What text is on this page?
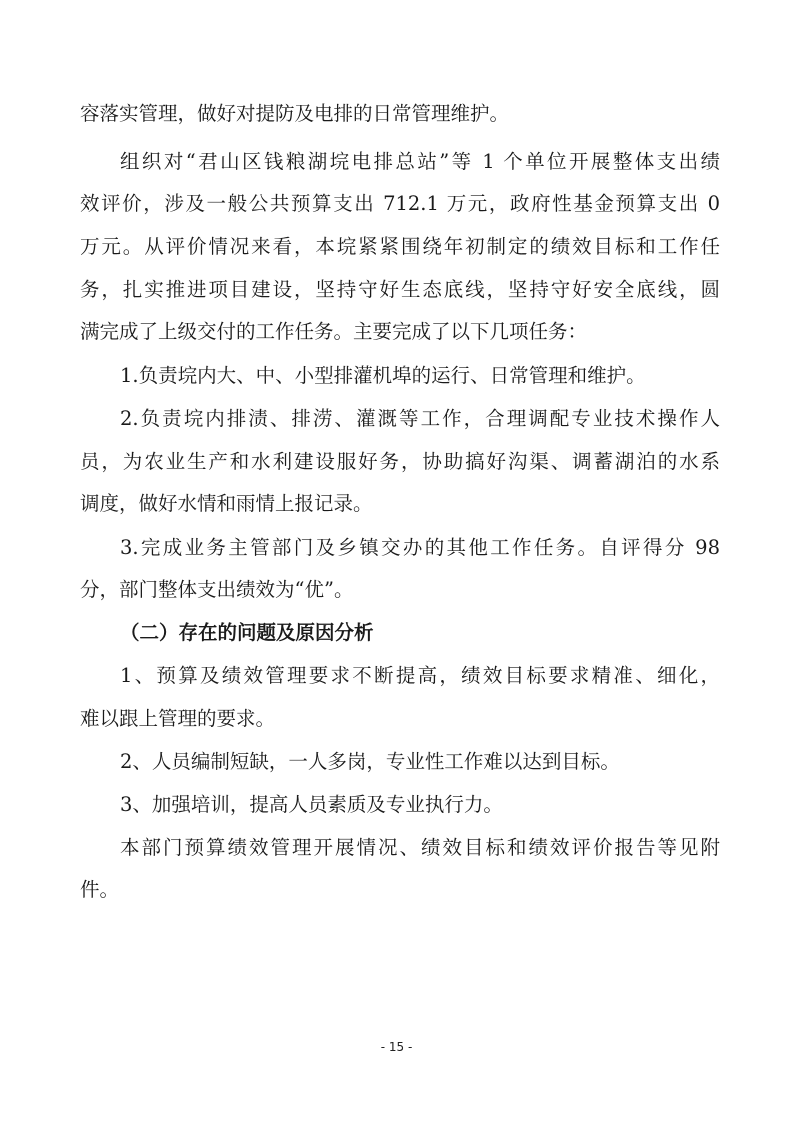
容落实管理，做好对提防及电排的日常管理维护。
组织对“君山区钱粮湖垸电排总站”等 1 个单位开展整体支出绩
效评价，涉及一般公共预算支出 712.1 万元，政府性基金预算支出 0
万元。从评价情况来看，本垸紧紧围绕年初制定的绩效目标和工作任
务，扎实推进项目建设，坚持守好生态底线，坚持守好安全底线，圆
满完成了上级交付的工作任务。主要完成了以下几项任务：
1.负责垸内大、中、小型排灌机埠的运行、日常管理和维护。
2.负责垸内排渍、排涝、灌溉等工作，合理调配专业技术操作人
员，为农业生产和水利建设服好务，协助搞好沟渠、调蓄湖泊的水系
调度，做好水情和雨情上报记录。
3.完成业务主管部门及乡镇交办的其他工作任务。自评得分 98
分，部门整体支出绩效为“优”。
（二）存在的问题及原因分析
1、预算及绩效管理要求不断提高，绩效目标要求精准、细化，
难以跟上管理的要求。
2、人员编制短缺，一人多岗，专业性工作难以达到目标。
3、加强培训，提高人员素质及专业执行力。
本部门预算绩效管理开展情况、绩效目标和绩效评价报告等见附
件。
- 15 -
